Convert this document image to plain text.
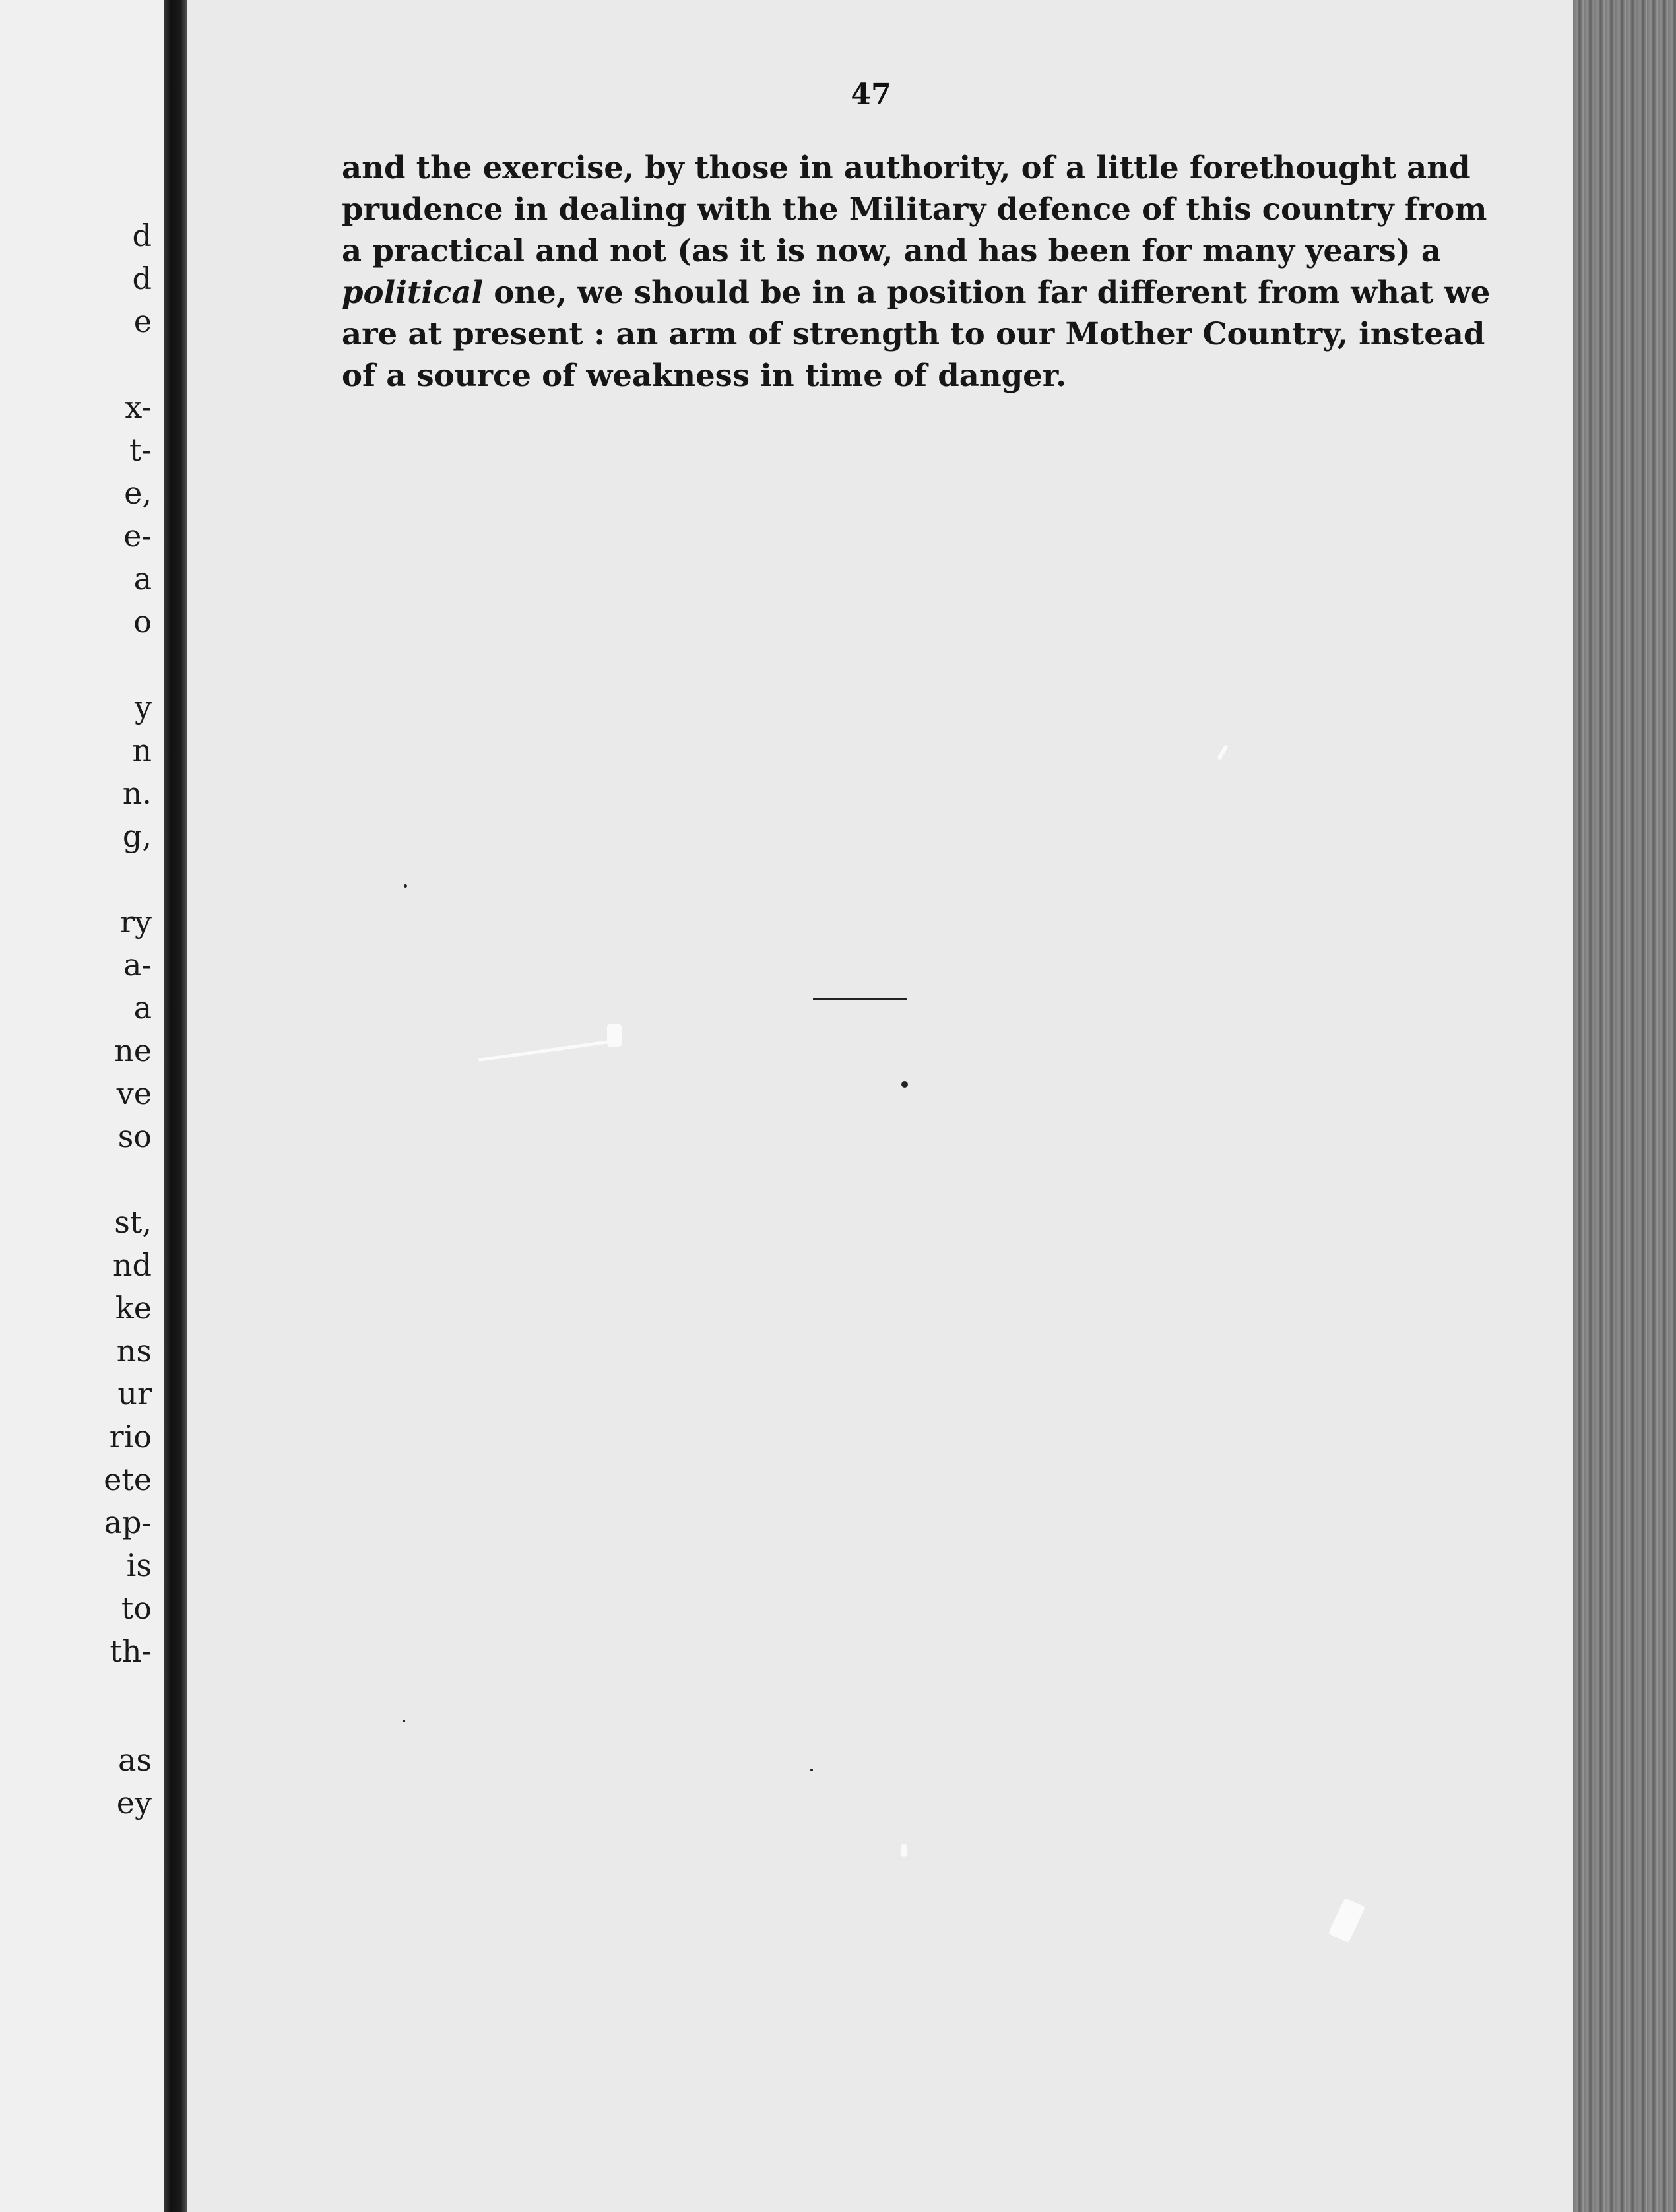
d
d
e
x-
t-
e,
e-
a
o
y
n
n.
g,
ry
a-
a
ne
ve
so
st,
nd
ke
ns
ur
rio
ete
ap-
is
to
th-
as
ey
47
and the exercise, by those in authority, of a little forethought and
prudence in dealing with the Military defence of this country from
a practical and not (as it is now, and has been for many years) a
political one, we should be in a position far different from what we
are at present : an arm of strength to our Mother Country, instead
of a source of weakness in time of danger.
